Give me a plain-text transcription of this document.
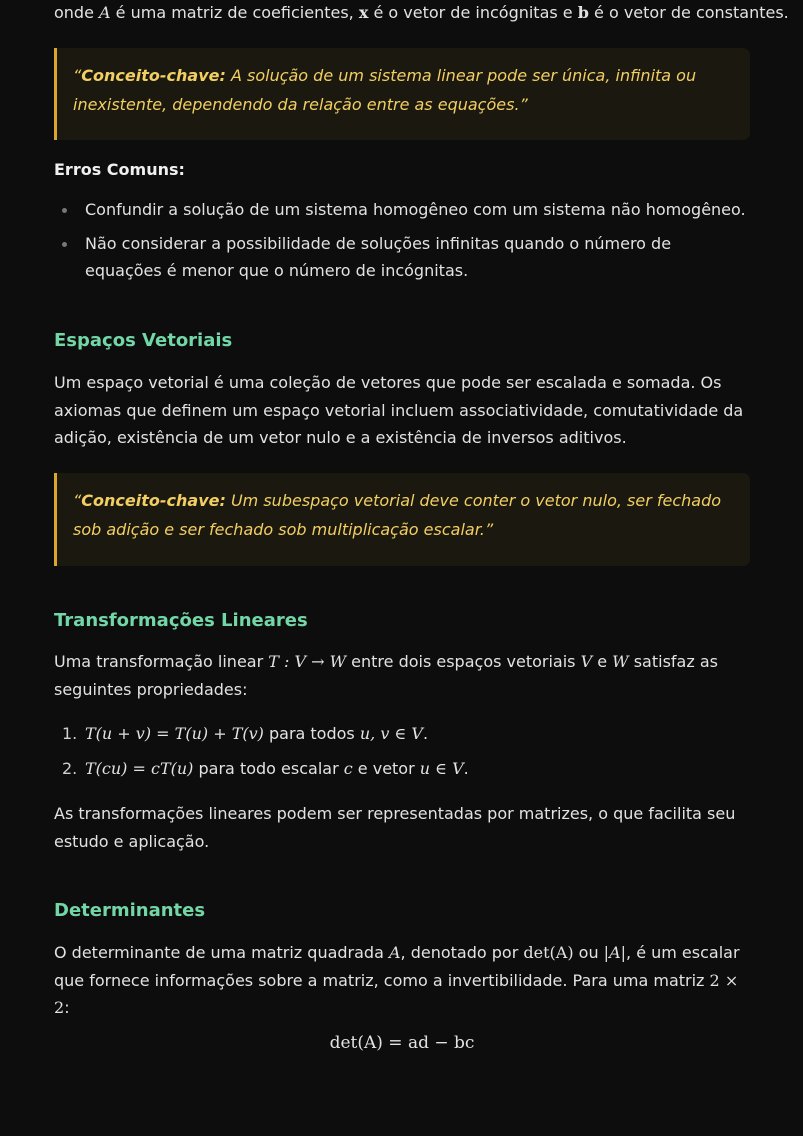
onde A é uma matriz de coeficientes, x é o vetor de incógnitas e b é o vetor de constantes.

“Conceito-chave: A solução de um sistema linear pode ser única, infinita ou inexistente, dependendo da relação entre as equações.”
Erros Comuns:
Confundir a solução de um sistema homogêneo com um sistema não homogêneo.
Não considerar a possibilidade de soluções infinitas quando o número de equações é menor que o número de incógnitas.
Espaços Vetoriais

Um espaço vetorial é uma coleção de vetores que pode ser escalada e somada. Os axiomas que definem um espaço vetorial incluem associatividade, comutatividade da adição, existência de um vetor nulo e a existência de inversos aditivos.

“Conceito-chave: Um subespaço vetorial deve conter o vetor nulo, ser fechado sob adição e ser fechado sob multiplicação escalar.”
Transformações Lineares

Uma transformação linear T : V → W entre dois espaços vetoriais V e W satisfaz as seguintes propriedades:

1. T(u + v) = T(u) + T(v) para todos u, v ∈ V.
2. T(cu) = cT(u) para todo escalar c e vetor u ∈ V.

As transformações lineares podem ser representadas por matrizes, o que facilita seu estudo e aplicação.

Determinantes

O determinante de uma matriz quadrada A, denotado por det(A) ou |A|, é um escalar que fornece informações sobre a matriz, como a invertibilidade. Para uma matriz 2 × 2:

det(A) = ad − bc
